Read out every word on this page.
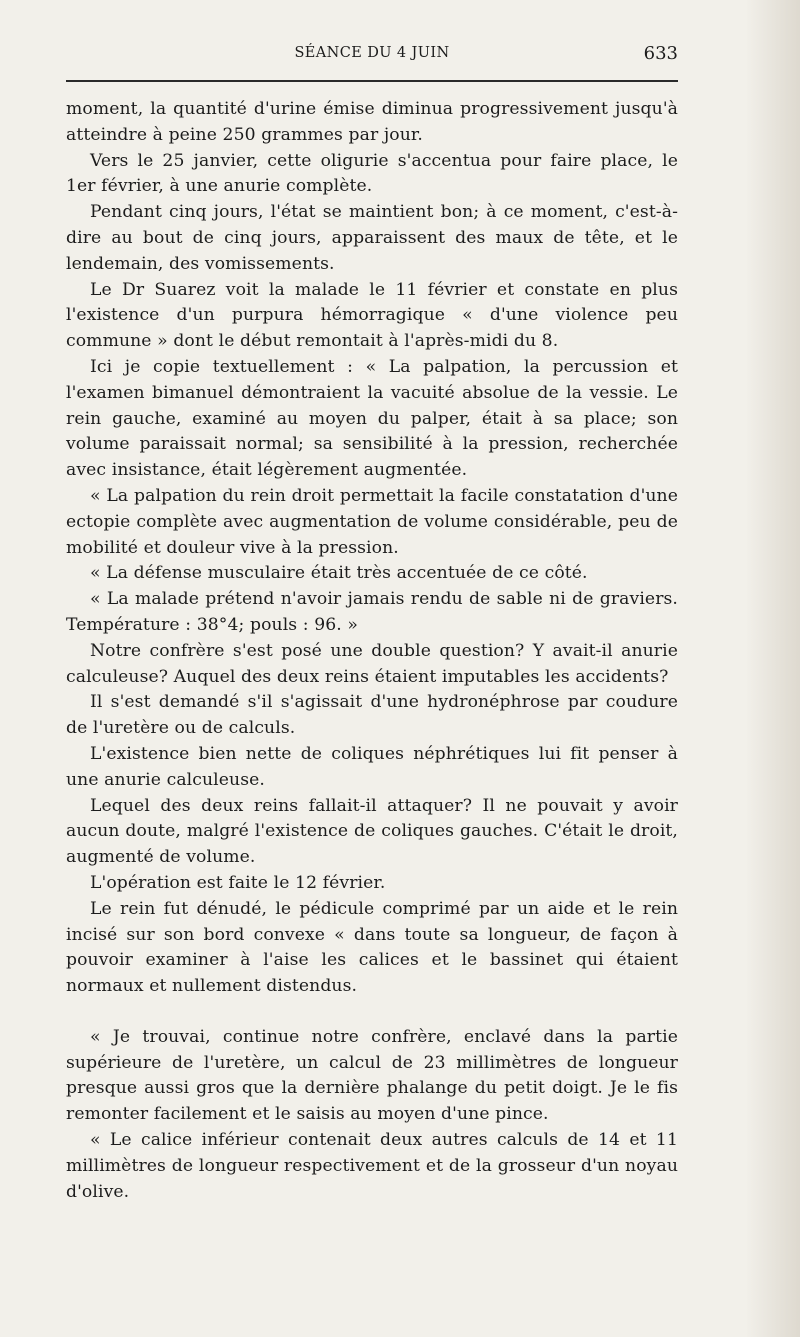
SÉANCE DU 4 JUIN	633

moment, la quantité d'urine émise diminua progressivement jusqu'à atteindre à peine 250 grammes par jour.

Vers le 25 janvier, cette oligurie s'accentua pour faire place, le 1er février, à une anurie complète.

Pendant cinq jours, l'état se maintient bon; à ce moment, c'est-à-dire au bout de cinq jours, apparaissent des maux de tête, et le lendemain, des vomissements.

Le Dr Suarez voit la malade le 11 février et constate en plus l'existence d'un purpura hémorragique « d'une violence peu commune » dont le début remontait à l'après-midi du 8.

Ici je copie textuellement : « La palpation, la percussion et l'examen bimanuel démontraient la vacuité absolue de la vessie. Le rein gauche, examiné au moyen du palper, était à sa place; son volume paraissait normal; sa sensibilité à la pression, recherchée avec insistance, était légèrement augmentée.

« La palpation du rein droit permettait la facile constatation d'une ectopie complète avec augmentation de volume considérable, peu de mobilité et douleur vive à la pression.

« La défense musculaire était très accentuée de ce côté.

« La malade prétend n'avoir jamais rendu de sable ni de graviers. Température : 38°4; pouls : 96. »

Notre confrère s'est posé une double question? Y avait-il anurie calculeuse? Auquel des deux reins étaient imputables les accidents?

Il s'est demandé s'il s'agissait d'une hydronéphrose par coudure de l'uretère ou de calculs.

L'existence bien nette de coliques néphrétiques lui fit penser à une anurie calculeuse.

Lequel des deux reins fallait-il attaquer? Il ne pouvait y avoir aucun doute, malgré l'existence de coliques gauches. C'était le droit, augmenté de volume.

L'opération est faite le 12 février.

Le rein fut dénudé, le pédicule comprimé par un aide et le rein incisé sur son bord convexe « dans toute sa longueur, de façon à pouvoir examiner à l'aise les calices et le bassinet qui étaient normaux et nullement distendus.

« Je trouvai, continue notre confrère, enclavé dans la partie supérieure de l'uretère, un calcul de 23 millimètres de longueur presque aussi gros que la dernière phalange du petit doigt. Je le fis remonter facilement et le saisis au moyen d'une pince.

« Le calice inférieur contenait deux autres calculs de 14 et 11 millimètres de longueur respectivement et de la grosseur d'un noyau d'olive.
